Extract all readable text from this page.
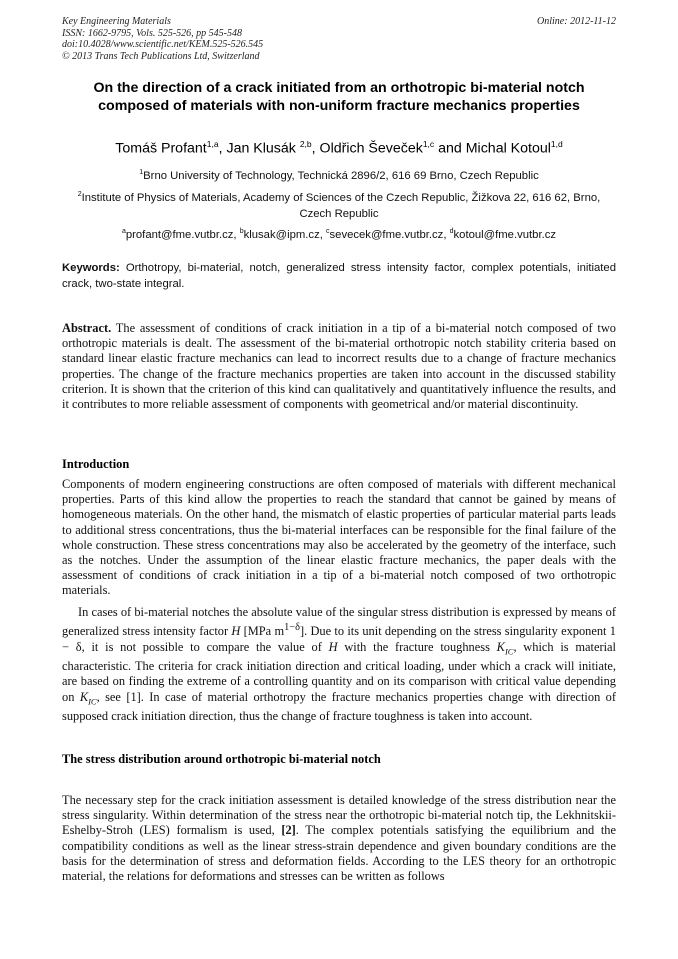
Key Engineering Materials
ISSN: 1662-9795, Vols. 525-526, pp 545-548
doi:10.4028/www.scientific.net/KEM.525-526.545
© 2013 Trans Tech Publications Ltd, Switzerland
Online: 2012-11-12
On the direction of a crack initiated from an orthotropic bi-material notch composed of materials with non-uniform fracture mechanics properties
Tomáš Profant$^{1,a}$, Jan Klusák $^{2,b}$, Oldřich Ševeček$^{1,c}$ and Michal Kotoul$^{1,d}$
$^1$Brno University of Technology, Technická 2896/2, 616 69 Brno, Czech Republic
$^2$Institute of Physics of Materials, Academy of Sciences of the Czech Republic, Žižkova 22, 616 62, Brno, Czech Republic
$^a$profant@fme.vutbr.cz, $^b$klusak@ipm.cz, $^c$sevecek@fme.vutbr.cz, $^d$kotoul@fme.vutbr.cz
Keywords: Orthotropy, bi-material, notch, generalized stress intensity factor, complex potentials, initiated crack, two-state integral.
Abstract. The assessment of conditions of crack initiation in a tip of a bi-material notch composed of two orthotropic materials is dealt. The assessment of the bi-material orthotropic notch stability criteria based on standard linear elastic fracture mechanics can lead to incorrect results due to a change of fracture mechanics properties. The change of the fracture mechanics properties are taken into account in the discussed stability criterion. It is shown that the criterion of this kind can qualitatively and quantitatively influence the results, and it contributes to more reliable assessment of components with geometrical and/or material discontinuity.
Introduction
Components of modern engineering constructions are often composed of materials with different mechanical properties. Parts of this kind allow the properties to reach the standard that cannot be gained by means of homogeneous materials. On the other hand, the mismatch of elastic properties of particular material parts leads to additional stress concentrations, thus the bi-material interfaces can be responsible for the final failure of the whole construction. These stress concentrations may also be accelerated by the geometry of the interface, such as the notches. Under the assumption of the linear elastic fracture mechanics, the paper deals with the assessment of conditions of crack initiation in a tip of a bi-material notch composed of two orthotropic materials.
In cases of bi-material notches the absolute value of the singular stress distribution is expressed by means of generalized stress intensity factor H [MPa $m^{1-\delta}$]. Due to its unit depending on the stress singularity exponent 1 − δ, it is not possible to compare the value of H with the fracture toughness $K_{IC}$, which is material characteristic. The criteria for crack initiation direction and critical loading, under which a crack will initiate, are based on finding the extreme of a controlling quantity and on its comparison with critical value depending on $K_{IC}$, see [1]. In case of material orthotropy the fracture mechanics properties change with direction of supposed crack initiation direction, thus the change of fracture toughness is taken into account.
The stress distribution around orthotropic bi-material notch
The necessary step for the crack initiation assessment is detailed knowledge of the stress distribution near the stress singularity. Within determination of the stress near the orthotropic bi-material notch tip, the Lekhnitskii-Eshelby-Stroh (LES) formalism is used, [2]. The complex potentials satisfying the equilibrium and the compatibility conditions as well as the linear stress-strain dependence and given boundary conditions are the basis for the determination of stress and deformation fields. According to the LES theory for an orthotropic material, the relations for deformations and stresses can be written as follows
